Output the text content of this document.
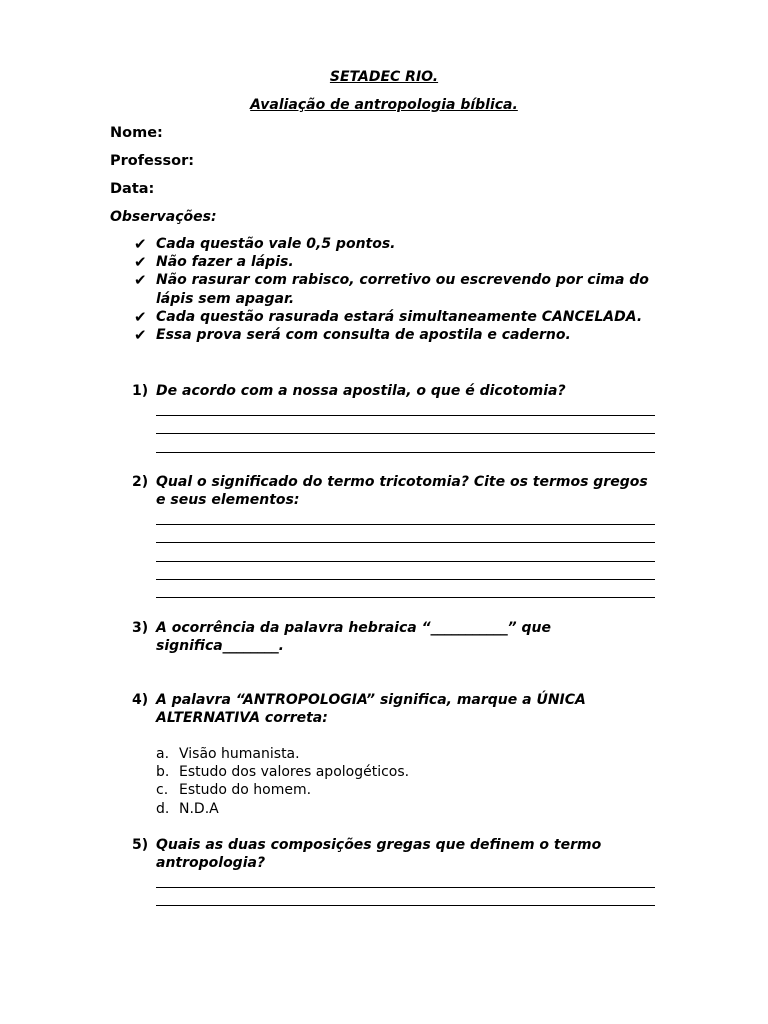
SETADEC RIO.
Avaliação de antropologia bíblica.
Nome:
Professor:
Data:
Observações:
✔ Cada questão vale 0,5 pontos.
✔ Não fazer a lápis.
✔ Não rasurar com rabisco, corretivo ou escrevendo por cima do lápis sem apagar.
✔ Cada questão rasurada estará simultaneamente CANCELADA.
✔ Essa prova será com consulta de apostila e caderno.
1) De acordo com a nossa apostila, o que é dicotomia?
2) Qual o significado do termo tricotomia? Cite os termos gregos e seus elementos:
3) A ocorrência da palavra hebraica “___________” que significa________.
4) A palavra “ANTROPOLOGIA” significa, marque a ÚNICA ALTERNATIVA correta:
a. Visão humanista.
b. Estudo dos valores apologéticos.
c. Estudo do homem.
d. N.D.A
5) Quais as duas composições gregas que definem o termo antropologia?
